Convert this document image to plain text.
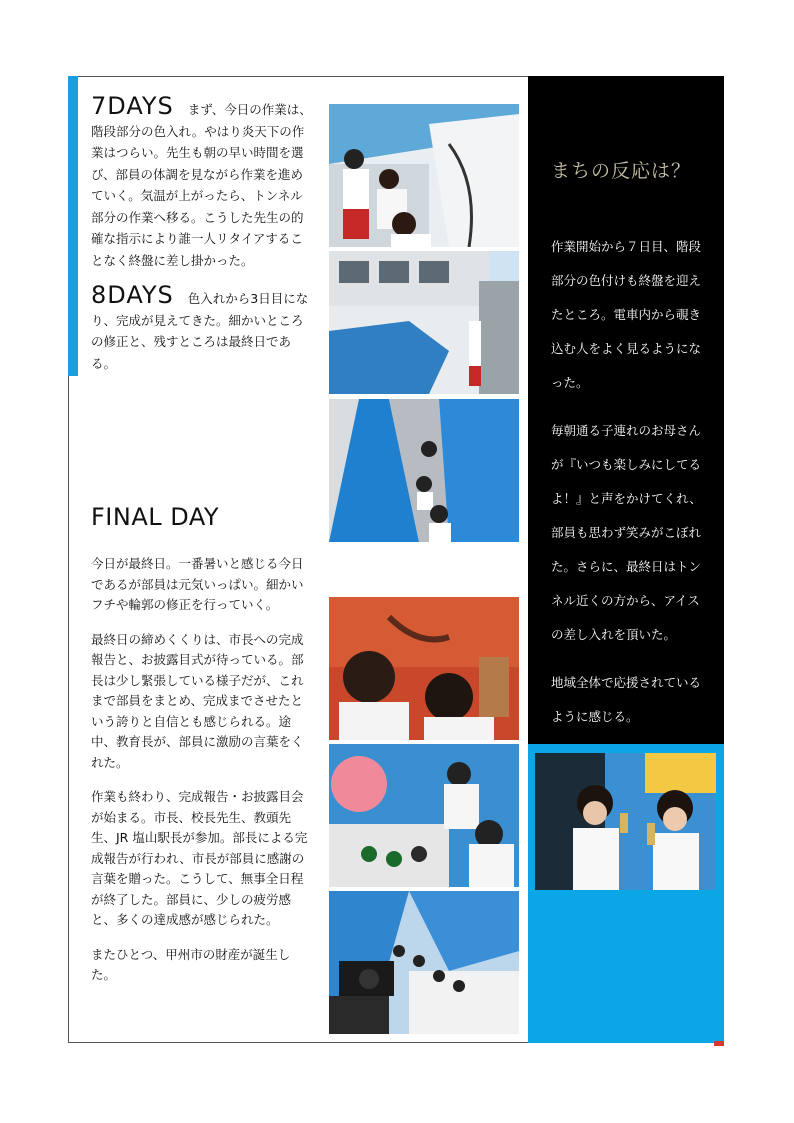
7DAYS まず、今日の作業は、階段部分の色入れ。やはり炎天下の作業はつらい。先生も朝の早い時間を選び、部員の体調を見ながら作業を進めていく。気温が上がったら、トンネル部分の作業へ移る。こうした先生の的確な指示により誰一人リタイアすることなく終盤に差し掛かった。
8DAYS 色入れから3日目になり、完成が見えてきた。細かいところの修正と、残すところは最終日である。
FINAL DAY

今日が最終日。一番暑いと感じる今日であるが部員は元気いっぱい。細かいフチや輪郭の修正を行っていく。

最終日の締めくくりは、市長への完成報告と、お披露目式が待っている。部長は少し緊張している様子だが、これまで部員をまとめ、完成までさせたという誇りと自信とも感じられる。途中、教育長が、部員に激励の言葉をくれた。

作業も終わり、完成報告・お披露目会が始まる。市長、校長先生、教頭先生、JR 塩山駅長が参加。部長による完成報告が行われ、市長が部員に感謝の言葉を贈った。こうして、無事全日程が終了した。部員に、少しの疲労感と、多くの達成感が感じられた。

またひとつ、甲州市の財産が誕生した。

まちの反応は？

作業開始から７日目、階段部分の色付けも終盤を迎えたところ。電車内から覗き込む人をよく見るようになった。

毎朝通る子連れのお母さんが『いつも楽しみにしてるよ！』と声をかけてくれ、部員も思わず笑みがこぼれた。さらに、最終日はトンネル近くの方から、アイスの差し入れを頂いた。

地域全体で応援されているように感じる。
